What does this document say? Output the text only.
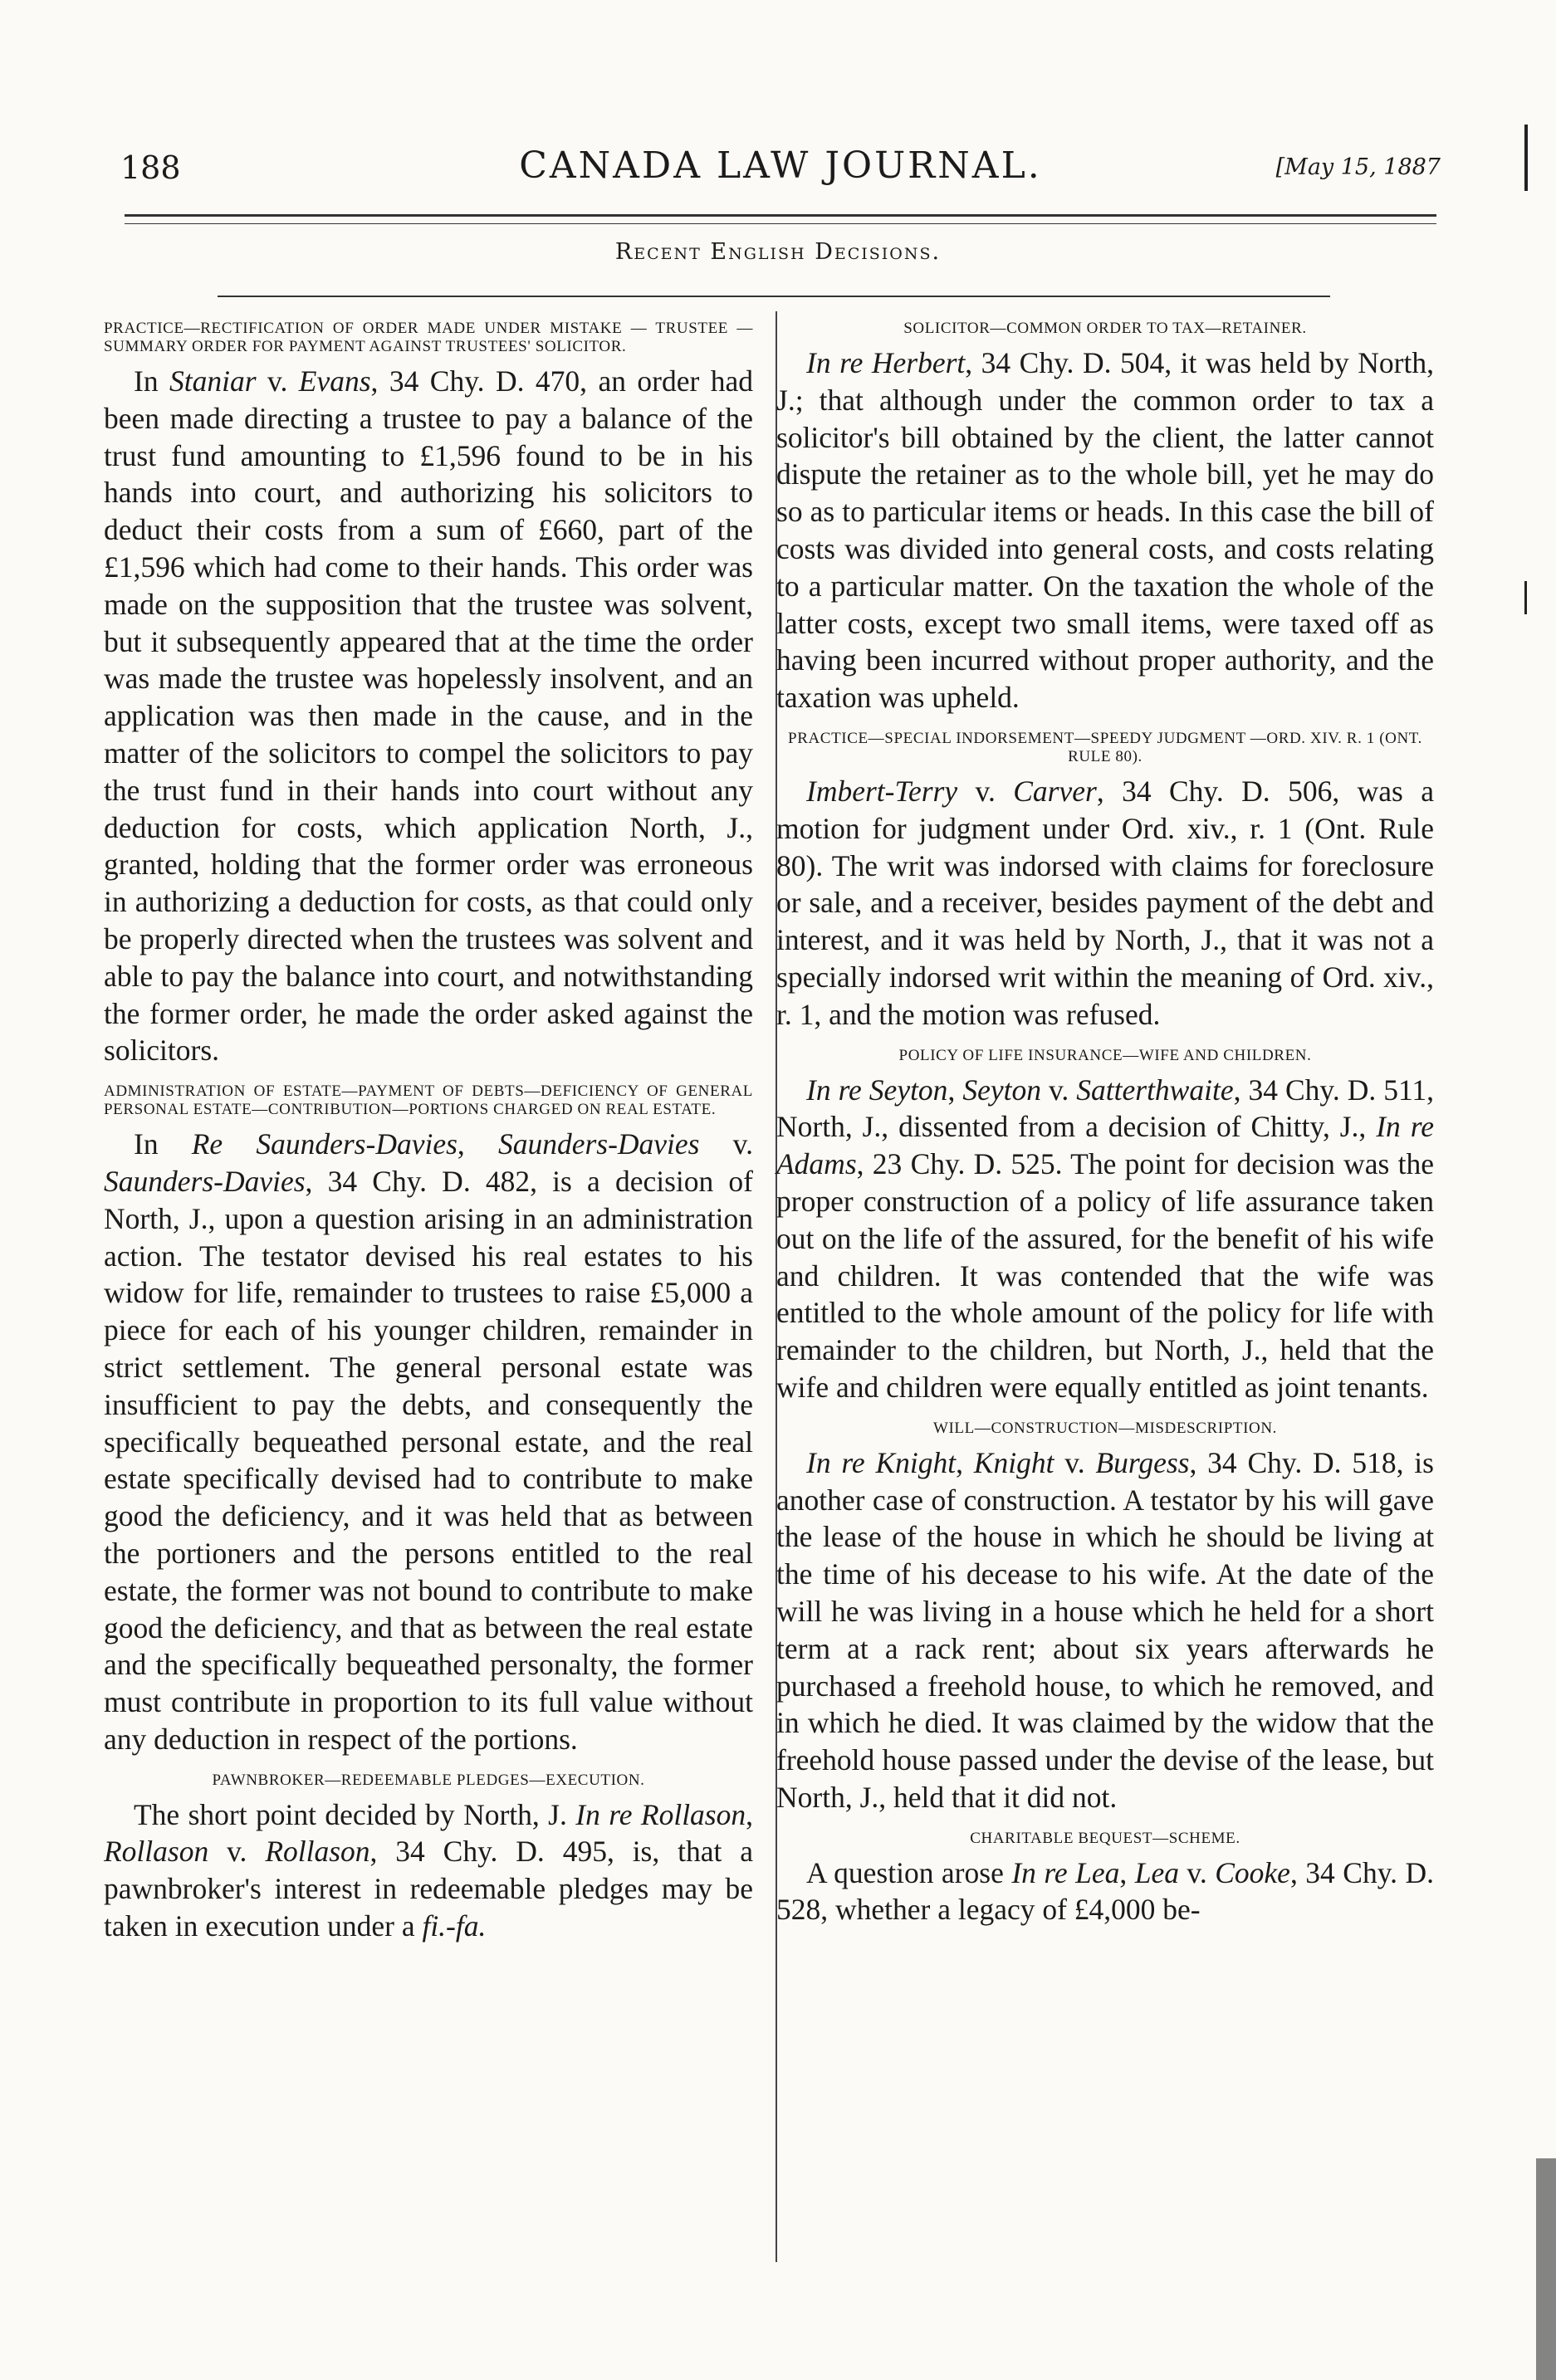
188	CANADA LAW JOURNAL.	[May 15, 1887
Recent English Decisions.
PRACTICE—RECTIFICATION OF ORDER MADE UNDER MISTAKE — TRUSTEE — SUMMARY ORDER FOR PAYMENT AGAINST TRUSTEES' SOLICITOR.

In Staniar v. Evans, 34 Chy. D. 470, an order had been made directing a trustee to pay a balance of the trust fund amounting to £1,596 found to be in his hands into court, and authorizing his solicitors to deduct their costs from a sum of £660, part of the £1,596 which had come to their hands. This order was made on the supposition that the trustee was solvent, but it subsequently appeared that at the time the order was made the trustee was hopelessly insolvent, and an application was then made in the cause, and in the matter of the solicitors to compel the solicitors to pay the trust fund in their hands into court without any deduction for costs, which application North, J., granted, holding that the former order was erroneous in authorizing a deduction for costs, as that could only be properly directed when the trustees was solvent and able to pay the balance into court, and notwithstanding the former order, he made the order asked against the solicitors.

ADMINISTRATION OF ESTATE—PAYMENT OF DEBTS—DEFICIENCY OF GENERAL PERSONAL ESTATE—CONTRIBUTION—PORTIONS CHARGED ON REAL ESTATE.

In Re Saunders-Davies, Saunders-Davies v. Saunders-Davies, 34 Chy. D. 482, is a decision of North, J., upon a question arising in an administration action. The testator devised his real estates to his widow for life, remainder to trustees to raise £5,000 a piece for each of his younger children, remainder in strict settlement. The general personal estate was insufficient to pay the debts, and consequently the specifically bequeathed personal estate, and the real estate specifically devised had to contribute to make good the deficiency, and it was held that as between the portioners and the persons entitled to the real estate, the former was not bound to contribute to make good the deficiency, and that as between the real estate and the specifically bequeathed personalty, the former must contribute in proportion to its full value without any deduction in respect of the portions.

PAWNBROKER—REDEEMABLE PLEDGES—EXECUTION.

The short point decided by North, J. In re Rollason, Rollason v. Rollason, 34 Chy. D. 495, is, that a pawnbroker's interest in redeemable pledges may be taken in execution under a fi.-fa.

SOLICITOR—COMMON ORDER TO TAX—RETAINER.

In re Herbert, 34 Chy. D. 504, it was held by North, J.; that although under the common order to tax a solicitor's bill obtained by the client, the latter cannot dispute the retainer as to the whole bill, yet he may do so as to particular items or heads. In this case the bill of costs was divided into general costs, and costs relating to a particular matter. On the taxation the whole of the latter costs, except two small items, were taxed off as having been incurred without proper authority, and the taxation was upheld.

PRACTICE—SPECIAL INDORSEMENT—SPEEDY JUDGMENT —ORD. XIV. R. 1 (ONT. RULE 80).

Imbert-Terry v. Carver, 34 Chy. D. 506, was a motion for judgment under Ord. xiv., r. 1 (Ont. Rule 80). The writ was indorsed with claims for foreclosure or sale, and a receiver, besides payment of the debt and interest, and it was held by North, J., that it was not a specially indorsed writ within the meaning of Ord. xiv., r. 1, and the motion was refused.

POLICY OF LIFE INSURANCE—WIFE AND CHILDREN.

In re Seyton, Seyton v. Satterthwaite, 34 Chy. D. 511, North, J., dissented from a decision of Chitty, J., In re Adams, 23 Chy. D. 525. The point for decision was the proper construction of a policy of life assurance taken out on the life of the assured, for the benefit of his wife and children. It was contended that the wife was entitled to the whole amount of the policy for life with remainder to the children, but North, J., held that the wife and children were equally entitled as joint tenants.

WILL—CONSTRUCTION—MISDESCRIPTION.

In re Knight, Knight v. Burgess, 34 Chy. D. 518, is another case of construction. A testator by his will gave the lease of the house in which he should be living at the time of his decease to his wife. At the date of the will he was living in a house which he held for a short term at a rack rent; about six years afterwards he purchased a freehold house, to which he removed, and in which he died. It was claimed by the widow that the freehold house passed under the devise of the lease, but North, J., held that it did not.

CHARITABLE BEQUEST—SCHEME.

A question arose In re Lea, Lea v. Cooke, 34 Chy. D. 528, whether a legacy of £4,000 be-
